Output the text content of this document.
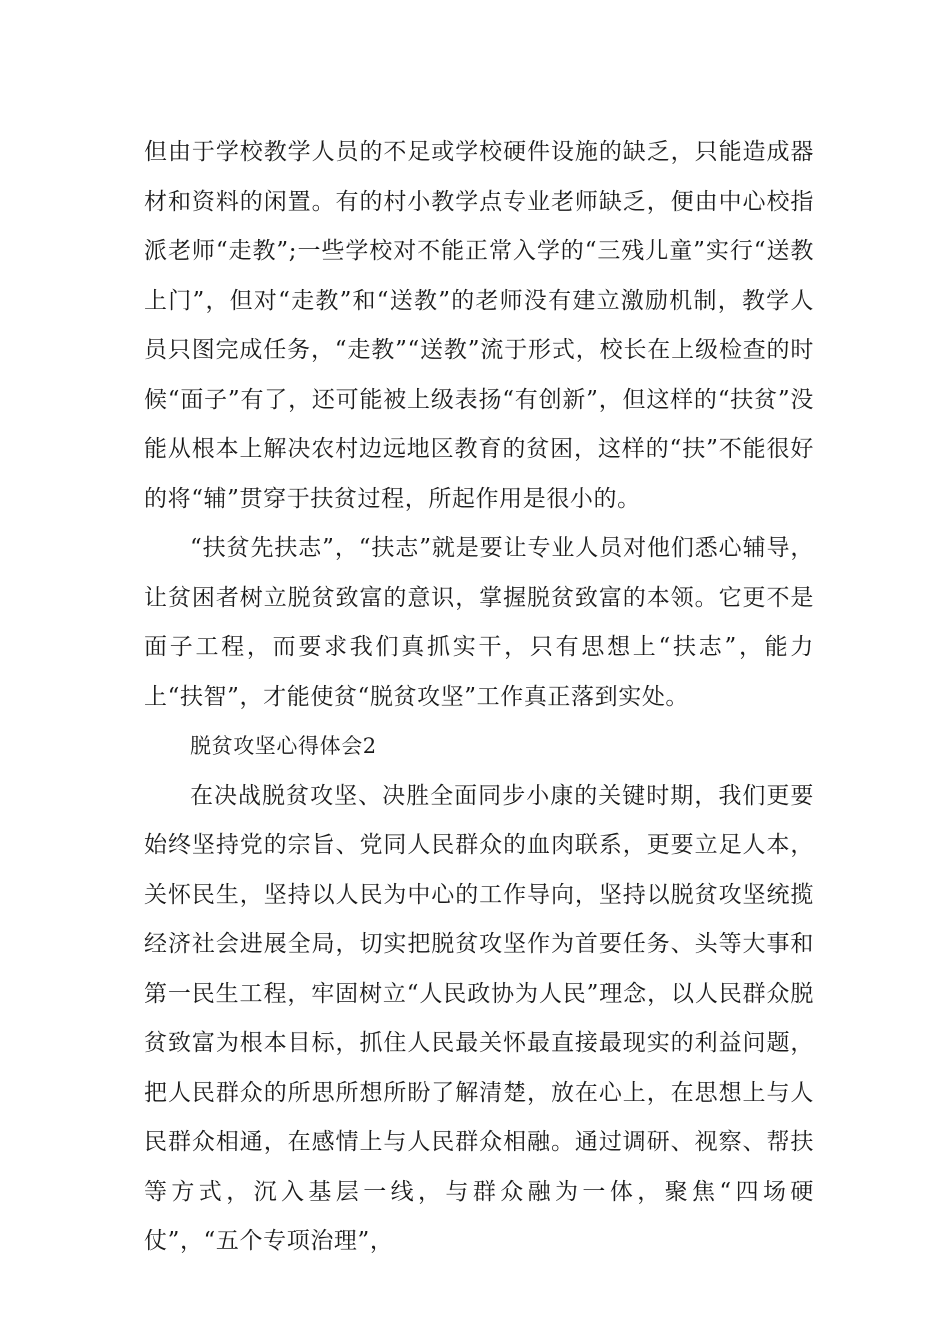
但由于学校教学人员的不足或学校硬件设施的缺乏，只能造成器材和资料的闲置。有的村小教学点专业老师缺乏，便由中心校指派老师“走教”;一些学校对不能正常入学的“三残儿童”实行“送教上门”，但对“走教”和“送教”的老师没有建立激励机制，教学人员只图完成任务，“走教”“送教”流于形式，校长在上级检查的时候“面子”有了，还可能被上级表扬“有创新”，但这样的“扶贫”没能从根本上解决农村边远地区教育的贫困，这样的“扶”不能很好的将“辅”贯穿于扶贫过程，所起作用是很小的。

“扶贫先扶志”，“扶志”就是要让专业人员对他们悉心辅导，让贫困者树立脱贫致富的意识，掌握脱贫致富的本领。它更不是面子工程，而要求我们真抓实干，只有思想上“扶志”，能力上“扶智”，才能使贫“脱贫攻坚”工作真正落到实处。

脱贫攻坚心得体会2

在决战脱贫攻坚、决胜全面同步小康的关键时期，我们更要始终坚持党的宗旨、党同人民群众的血肉联系，更要立足人本，关怀民生，坚持以人民为中心的工作导向，坚持以脱贫攻坚统揽经济社会进展全局，切实把脱贫攻坚作为首要任务、头等大事和第一民生工程，牢固树立“人民政协为人民”理念，以人民群众脱贫致富为根本目标，抓住人民最关怀最直接最现实的利益问题，把人民群众的所思所想所盼了解清楚，放在心上，在思想上与人民群众相通，在感情上与人民群众相融。通过调研、视察、帮扶等方式，沉入基层一线，与群众融为一体，聚焦“四场硬仗”，“五个专项治理”，
